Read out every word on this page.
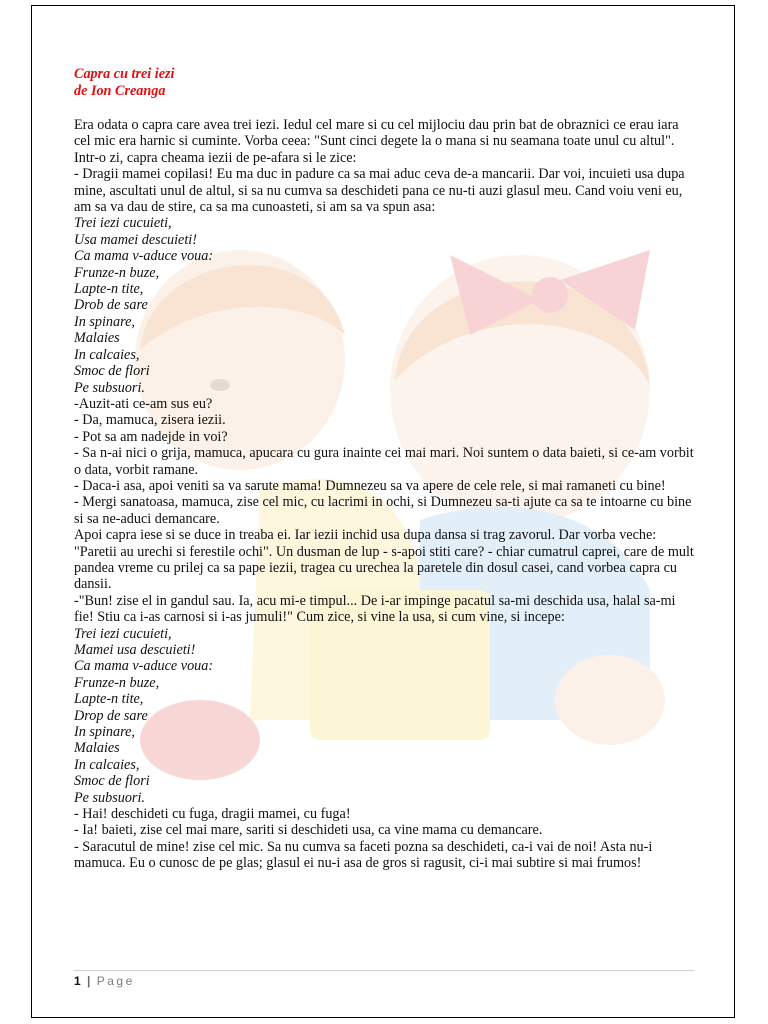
Capra cu trei iezi
de Ion Creanga
Era odata o capra care avea trei iezi. Iedul cel mare si cu cel mijlociu dau prin bat de obraznici ce erau iara cel mic era harnic si cuminte. Vorba ceea: "Sunt cinci degete la o mana si nu seamana toate unul cu altul". Intr-o zi, capra cheama iezii de pe-afara si le zice:
- Dragii mamei copilasi! Eu ma duc in padure ca sa mai aduc ceva de-a mancarii. Dar voi, incuieti usa dupa mine, ascultati unul de altul, si sa nu cumva sa deschideti pana ce nu-ti auzi glasul meu. Cand voiu veni eu, am sa va dau de stire, ca sa ma cunoasteti, si am sa va spun asa:
Trei iezi cucuieti,
Usa mamei descuieti!
Ca mama v-aduce voua:
Frunze-n buze,
Lapte-n tite,
Drob de sare
In spinare,
Malaies
In calcaies,
Smoc de flori
Pe subsuori.
-Auzit-ati ce-am sus eu?
- Da, mamuca, zisera iezii.
- Pot sa am nadejde in voi?
- Sa n-ai nici o grija, mamuca, apucara cu gura inainte cei mai mari. Noi suntem o data baieti, si ce-am vorbit o data, vorbit ramane.
- Daca-i asa, apoi veniti sa va sarute mama! Dumnezeu sa va apere de cele rele, si mai ramaneti cu bine!
- Mergi sanatoasa, mamuca, zise cel mic, cu lacrimi in ochi, si Dumnezeu sa-ti ajute ca sa te intoarne cu bine si sa ne-aduci demancare.
Apoi capra iese si se duce in treaba ei. Iar iezii inchid usa dupa dansa si trag zavorul. Dar vorba veche: "Paretii au urechi si ferestile ochi". Un dusman de lup - s-apoi stiti care? - chiar cumatrul caprei, care de mult pandea vreme cu prilej ca sa pape iezii, tragea cu urechea la paretele din dosul casei, cand vorbea capra cu dansii.
-"Bun! zise el in gandul sau. Ia, acu mi-e timpul... De i-ar impinge pacatul sa-mi deschida usa, halal sa-mi fie! Stiu ca i-as carnosi si i-as jumuli!" Cum zice, si vine la usa, si cum vine, si incepe:
Trei iezi cucuieti,
Mamei usa descuieti!
Ca mama v-aduce voua:
Frunze-n buze,
Lapte-n tite,
Drop de sare
In spinare,
Malaies
In calcaies,
Smoc de flori
Pe subsuori.
- Hai! deschideti cu fuga, dragii mamei, cu fuga!
- Ia! baieti, zise cel mai mare, sariti si deschideti usa, ca vine mama cu demancare.
- Saracutul de mine! zise cel mic. Sa nu cumva sa faceti pozna sa deschideti, ca-i vai de noi! Asta nu-i mamuca. Eu o cunosc de pe glas; glasul ei nu-i asa de gros si ragusit, ci-i mai subtire si mai frumos!
1 | Page
